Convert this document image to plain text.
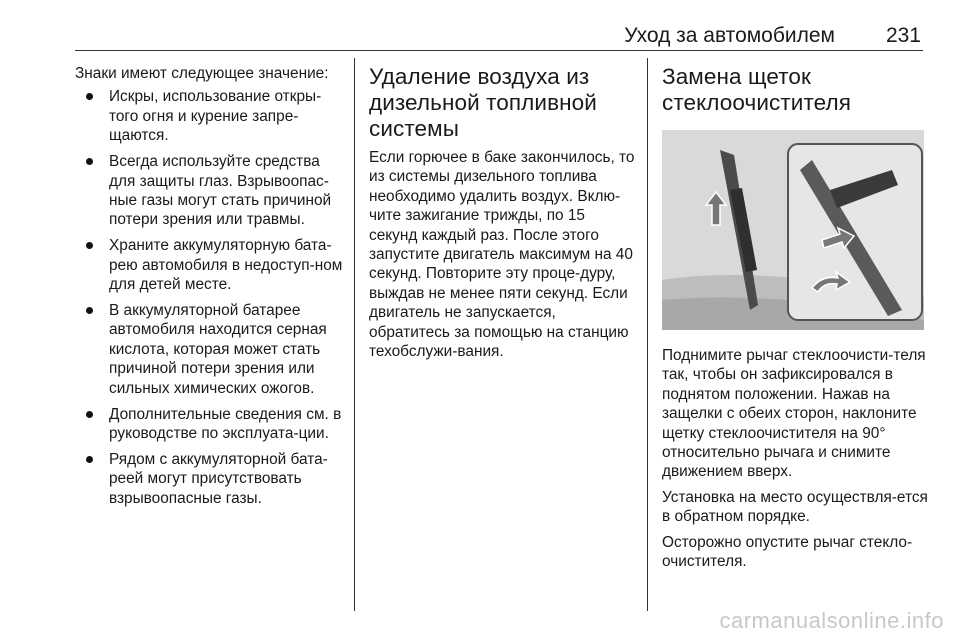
Уход за автомобилем 231

Знаки имеют следующее значение:

Искры, использование откры-того огня и курение запре-щаются.
Всегда используйте средства для защиты глаз. Взрывоопас-ные газы могут стать причиной потери зрения или травмы.
Храните аккумуляторную бата-рею автомобиля в недоступ-ном для детей месте.
В аккумуляторной батарее автомобиля находится серная кислота, которая может стать причиной потери зрения или сильных химических ожогов.
Дополнительные сведения см. в руководстве по эксплуата-ции.
Рядом с аккумуляторной бата-реей могут присутствовать взрывоопасные газы.
Удаление воздуха из дизельной топливной системы

Если горючее в баке закончилось, то из системы дизельного топлива необходимо удалить воздух. Вклю-чите зажигание трижды, по 15 секунд каждый раз. После этого запустите двигатель максимум на 40 секунд. Повторите эту проце-дуру, выждав не менее пяти секунд. Если двигатель не запускается, обратитесь за помощью на станцию техобслужи-вания.

Замена щеток стеклоочистителя

Поднимите рычаг стеклоочисти-теля так, чтобы он зафиксировался в поднятом положении. Нажав на защелки с обеих сторон, наклоните щетку стеклоочистителя на 90° относительно рычага и снимите движением вверх.

Установка на место осуществля-ется в обратном порядке.

Осторожно опустите рычаг стекло-очистителя.

carmanualsonline.info
